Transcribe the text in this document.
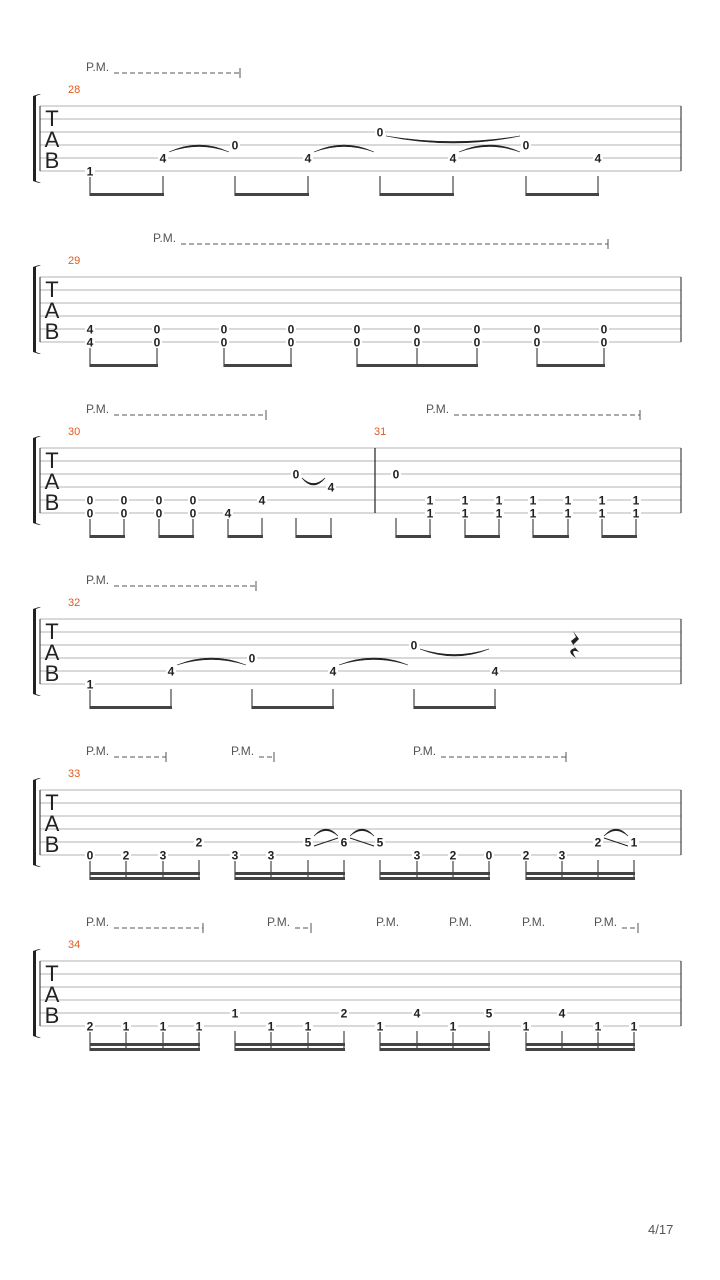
T
A
B
28
P.M.
1
4
0
4
0
4
0
4
T
A
B
29
P.M.
4
4
0
0
0
0
0
0
0
0
0
0
0
0
0
0
0
0
T
A
B
30	31
P.M.	P.M.
0
0
0
0
0
0
0
0 4
4
0
4
0
1
1
1
1
1
1
1
1
1
1
1
1
1
1
T
A
B
32
P.M.
1
4
0
4
0
4
T
A
B
33
P.M.	P.M.	P.M.
0 2	3
2
3 3
5 6 5
3 2 0	2 3
2 1
T
A
B
34
P.M.	P.M.	P.M.	P.M.	P.M.	P.M.
2 1	1 1
1
1	1
2
1
4
1
5
1
4
1 1
4/17
